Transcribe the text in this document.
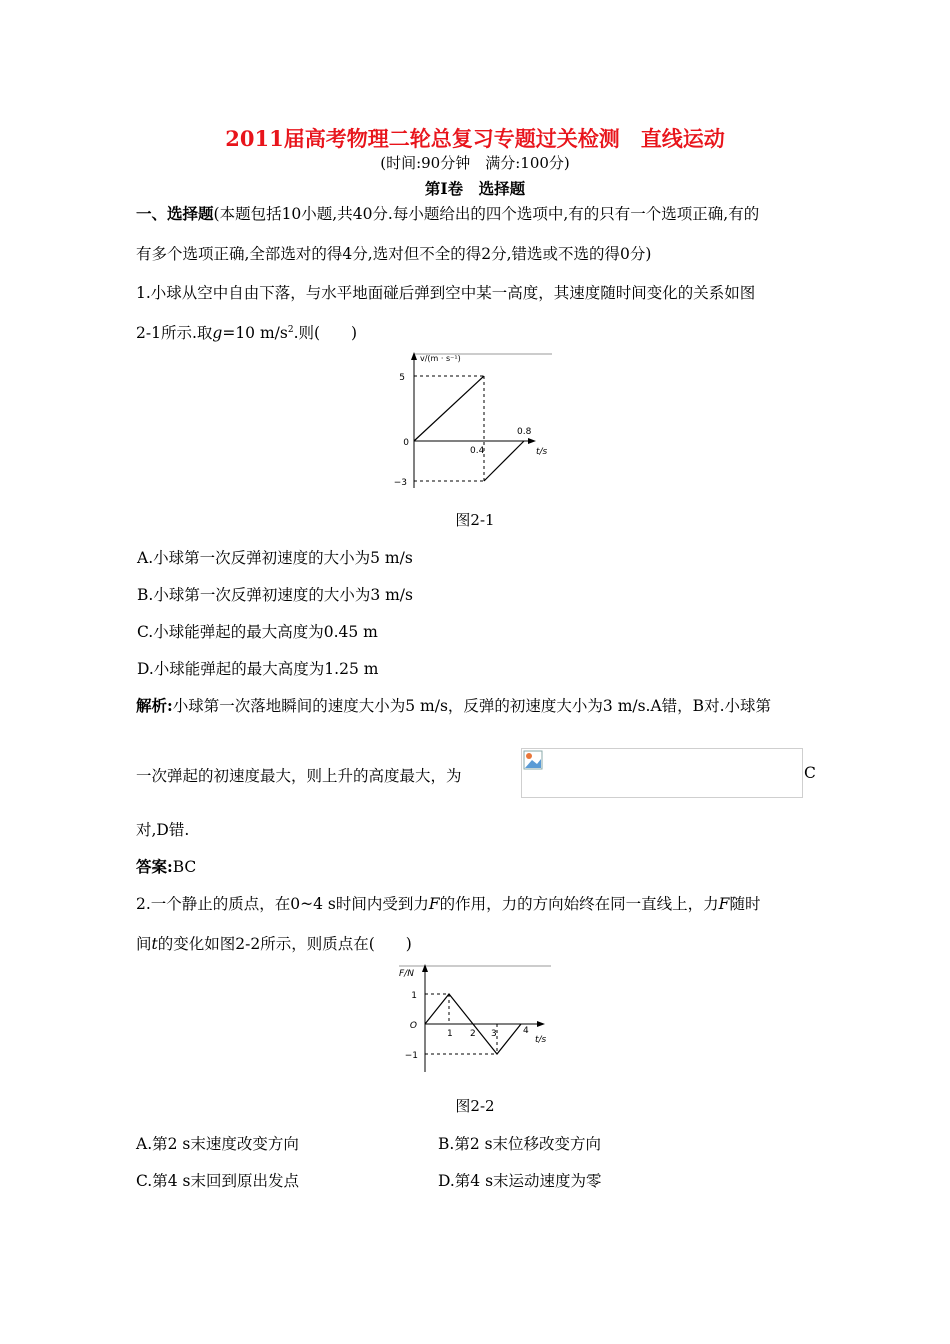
2011届高考物理二轮总复习专题过关检测　直线运动
(时间:90分钟　满分:100分)
第Ⅰ卷　选择题
一、选择题(本题包括10小题,共40分.每小题给出的四个选项中,有的只有一个选项正确,有的
有多个选项正确,全部选对的得4分,选对但不全的得2分,错选或不选的得0分)
1.小球从空中自由下落，与水平地面碰后弹到空中某一高度，其速度随时间变化的关系如图
2-1所示.取g=10 $m/s^2$.则(　　)
v/(m · s⁻¹)
5
0
−3
0.4
0.8
t/s
图2-1
A.小球第一次反弹初速度的大小为5 m/s
B.小球第一次反弹初速度的大小为3 m/s
C.小球能弹起的最大高度为0.45 m
D.小球能弹起的最大高度为1.25 m
解析:小球第一次落地瞬间的速度大小为5 m/s，反弹的初速度大小为3 m/s.A错，B对.小球第
一次弹起的初速度最大，则上升的高度最大，为	C
对,D错.
答案:BC
2.一个静止的质点，在0~4 s时间内受到力F的作用，力的方向始终在同一直线上，力F随时
间t的变化如图2-2所示，则质点在(　　)
F/N
1
−1
O
1 2 3	4
t/s
图2-2
A.第2 s末速度改变方向	B.第2 s末位移改变方向
C.第4 s末回到原出发点	D.第4 s末运动速度为零
